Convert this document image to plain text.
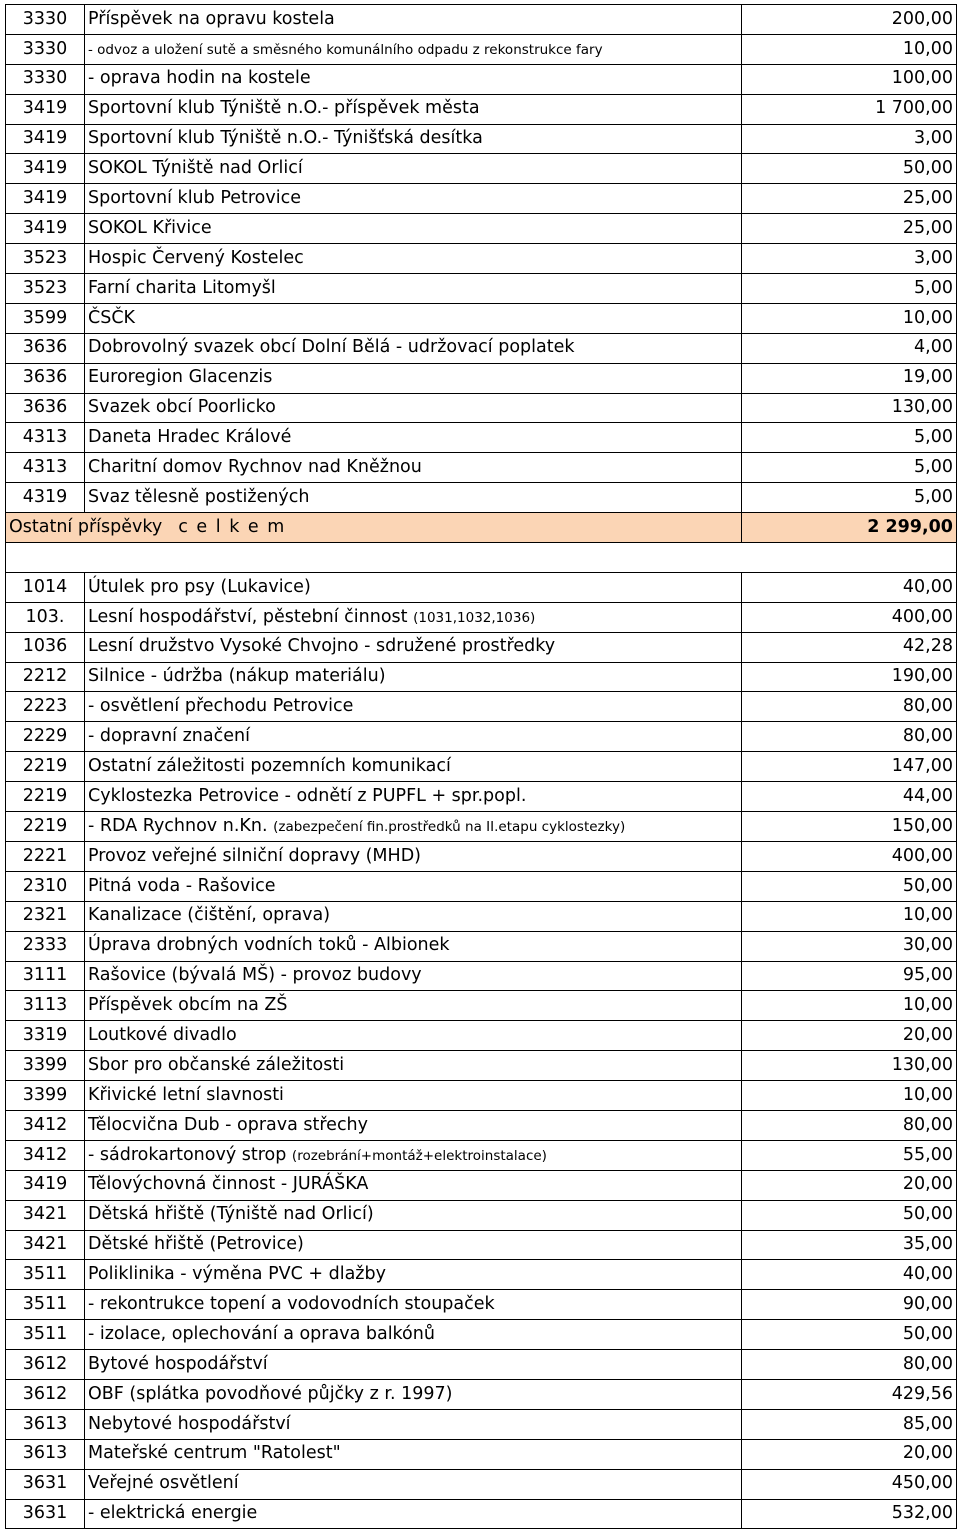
3330	Příspěvek na opravu kostela	200,00
3330	- odvoz a uložení sutě a směsného komunálního odpadu z rekonstrukce fary	10,00
3330	- oprava hodin na kostele	100,00
3419	Sportovní klub Týniště n.O.- příspěvek města	1 700,00
3419	Sportovní klub Týniště n.O.- Týnišťská desítka	3,00
3419	SOKOL Týniště nad Orlicí	50,00
3419	Sportovní klub Petrovice	25,00
3419	SOKOL Křivice	25,00
3523	Hospic Červený Kostelec	3,00
3523	Farní charita Litomyšl	5,00
3599	ČSČK	10,00
3636	Dobrovolný svazek obcí Dolní Bělá - udržovací poplatek	4,00
3636	Euroregion Glacenzis	19,00
3636	Svazek obcí Poorlicko	130,00
4313	Daneta Hradec Králové	5,00
4313	Charitní domov Rychnov nad Kněžnou	5,00
4319	Svaz tělesně postižených	5,00
Ostatní příspěvky c e l k e m		2 299,00

1014	Útulek pro psy (Lukavice)	40,00
103.	Lesní hospodářství, pěstební činnost (1031,1032,1036)	400,00
1036	Lesní družstvo Vysoké Chvojno - sdružené prostředky	42,28
2212	Silnice - údržba (nákup materiálu)	190,00
2223	- osvětlení přechodu Petrovice	80,00
2229	- dopravní značení	80,00
2219	Ostatní záležitosti pozemních komunikací	147,00
2219	Cyklostezka Petrovice - odnětí z PUPFL + spr.popl.	44,00
2219	- RDA Rychnov n.Kn. (zabezpečení fin.prostředků na II.etapu cyklostezky)	150,00
2221	Provoz veřejné silniční dopravy (MHD)	400,00
2310	Pitná voda - Rašovice	50,00
2321	Kanalizace (čištění, oprava)	10,00
2333	Úprava drobných vodních toků - Albionek	30,00
3111	Rašovice (bývalá MŠ) - provoz budovy	95,00
3113	Příspěvek obcím na ZŠ	10,00
3319	Loutkové divadlo	20,00
3399	Sbor pro občanské záležitosti	130,00
3399	Křivické letní slavnosti	10,00
3412	Tělocvična Dub - oprava střechy	80,00
3412	- sádrokartonový strop (rozebrání+montáž+elektroinstalace)	55,00
3419	Tělovýchovná činnost - JURÁŠKA	20,00
3421	Dětská hřiště (Týniště nad Orlicí)	50,00
3421	Dětské hřiště (Petrovice)	35,00
3511	Poliklinika - výměna PVC + dlažby	40,00
3511	- rekontrukce topení a vodovodních stoupaček	90,00
3511	- izolace, oplechování a oprava balkónů	50,00
3612	Bytové hospodářství	80,00
3612	OBF (splátka povodňové půjčky z r. 1997)	429,56
3613	Nebytové hospodářství	85,00
3613	Mateřské centrum "Ratolest"	20,00
3631	Veřejné osvětlení	450,00
3631	- elektrická energie	532,00
